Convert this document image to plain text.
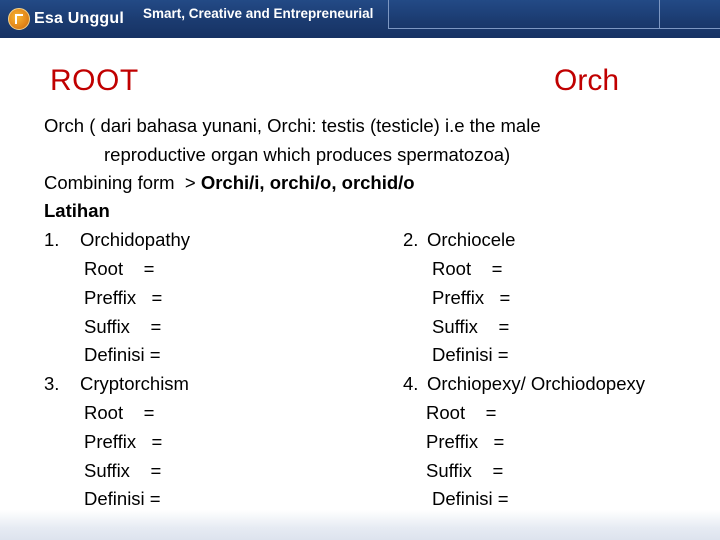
Esa Unggul Smart, Creative and Entrepreneurial
ROOT	Orch
Orch ( dari bahasa yunani, Orchi: testis (testicle) i.e the male
reproductive organ which produces spermatozoa)
Combining form  > Orchi/i, orchi/o, orchid/o
Latihan
1. Orchidopathy
Root    =
Preffix   =
Suffix    =
Definisi =
2. Orchiocele
Root    =
Preffix   =
Suffix    =
Definisi =
3. Cryptorchism
Root    =
Preffix   =
Suffix    =
Definisi =
4. Orchiopexy/ Orchiodopexy
Root    =
Preffix   =
Suffix    =
Definisi =
